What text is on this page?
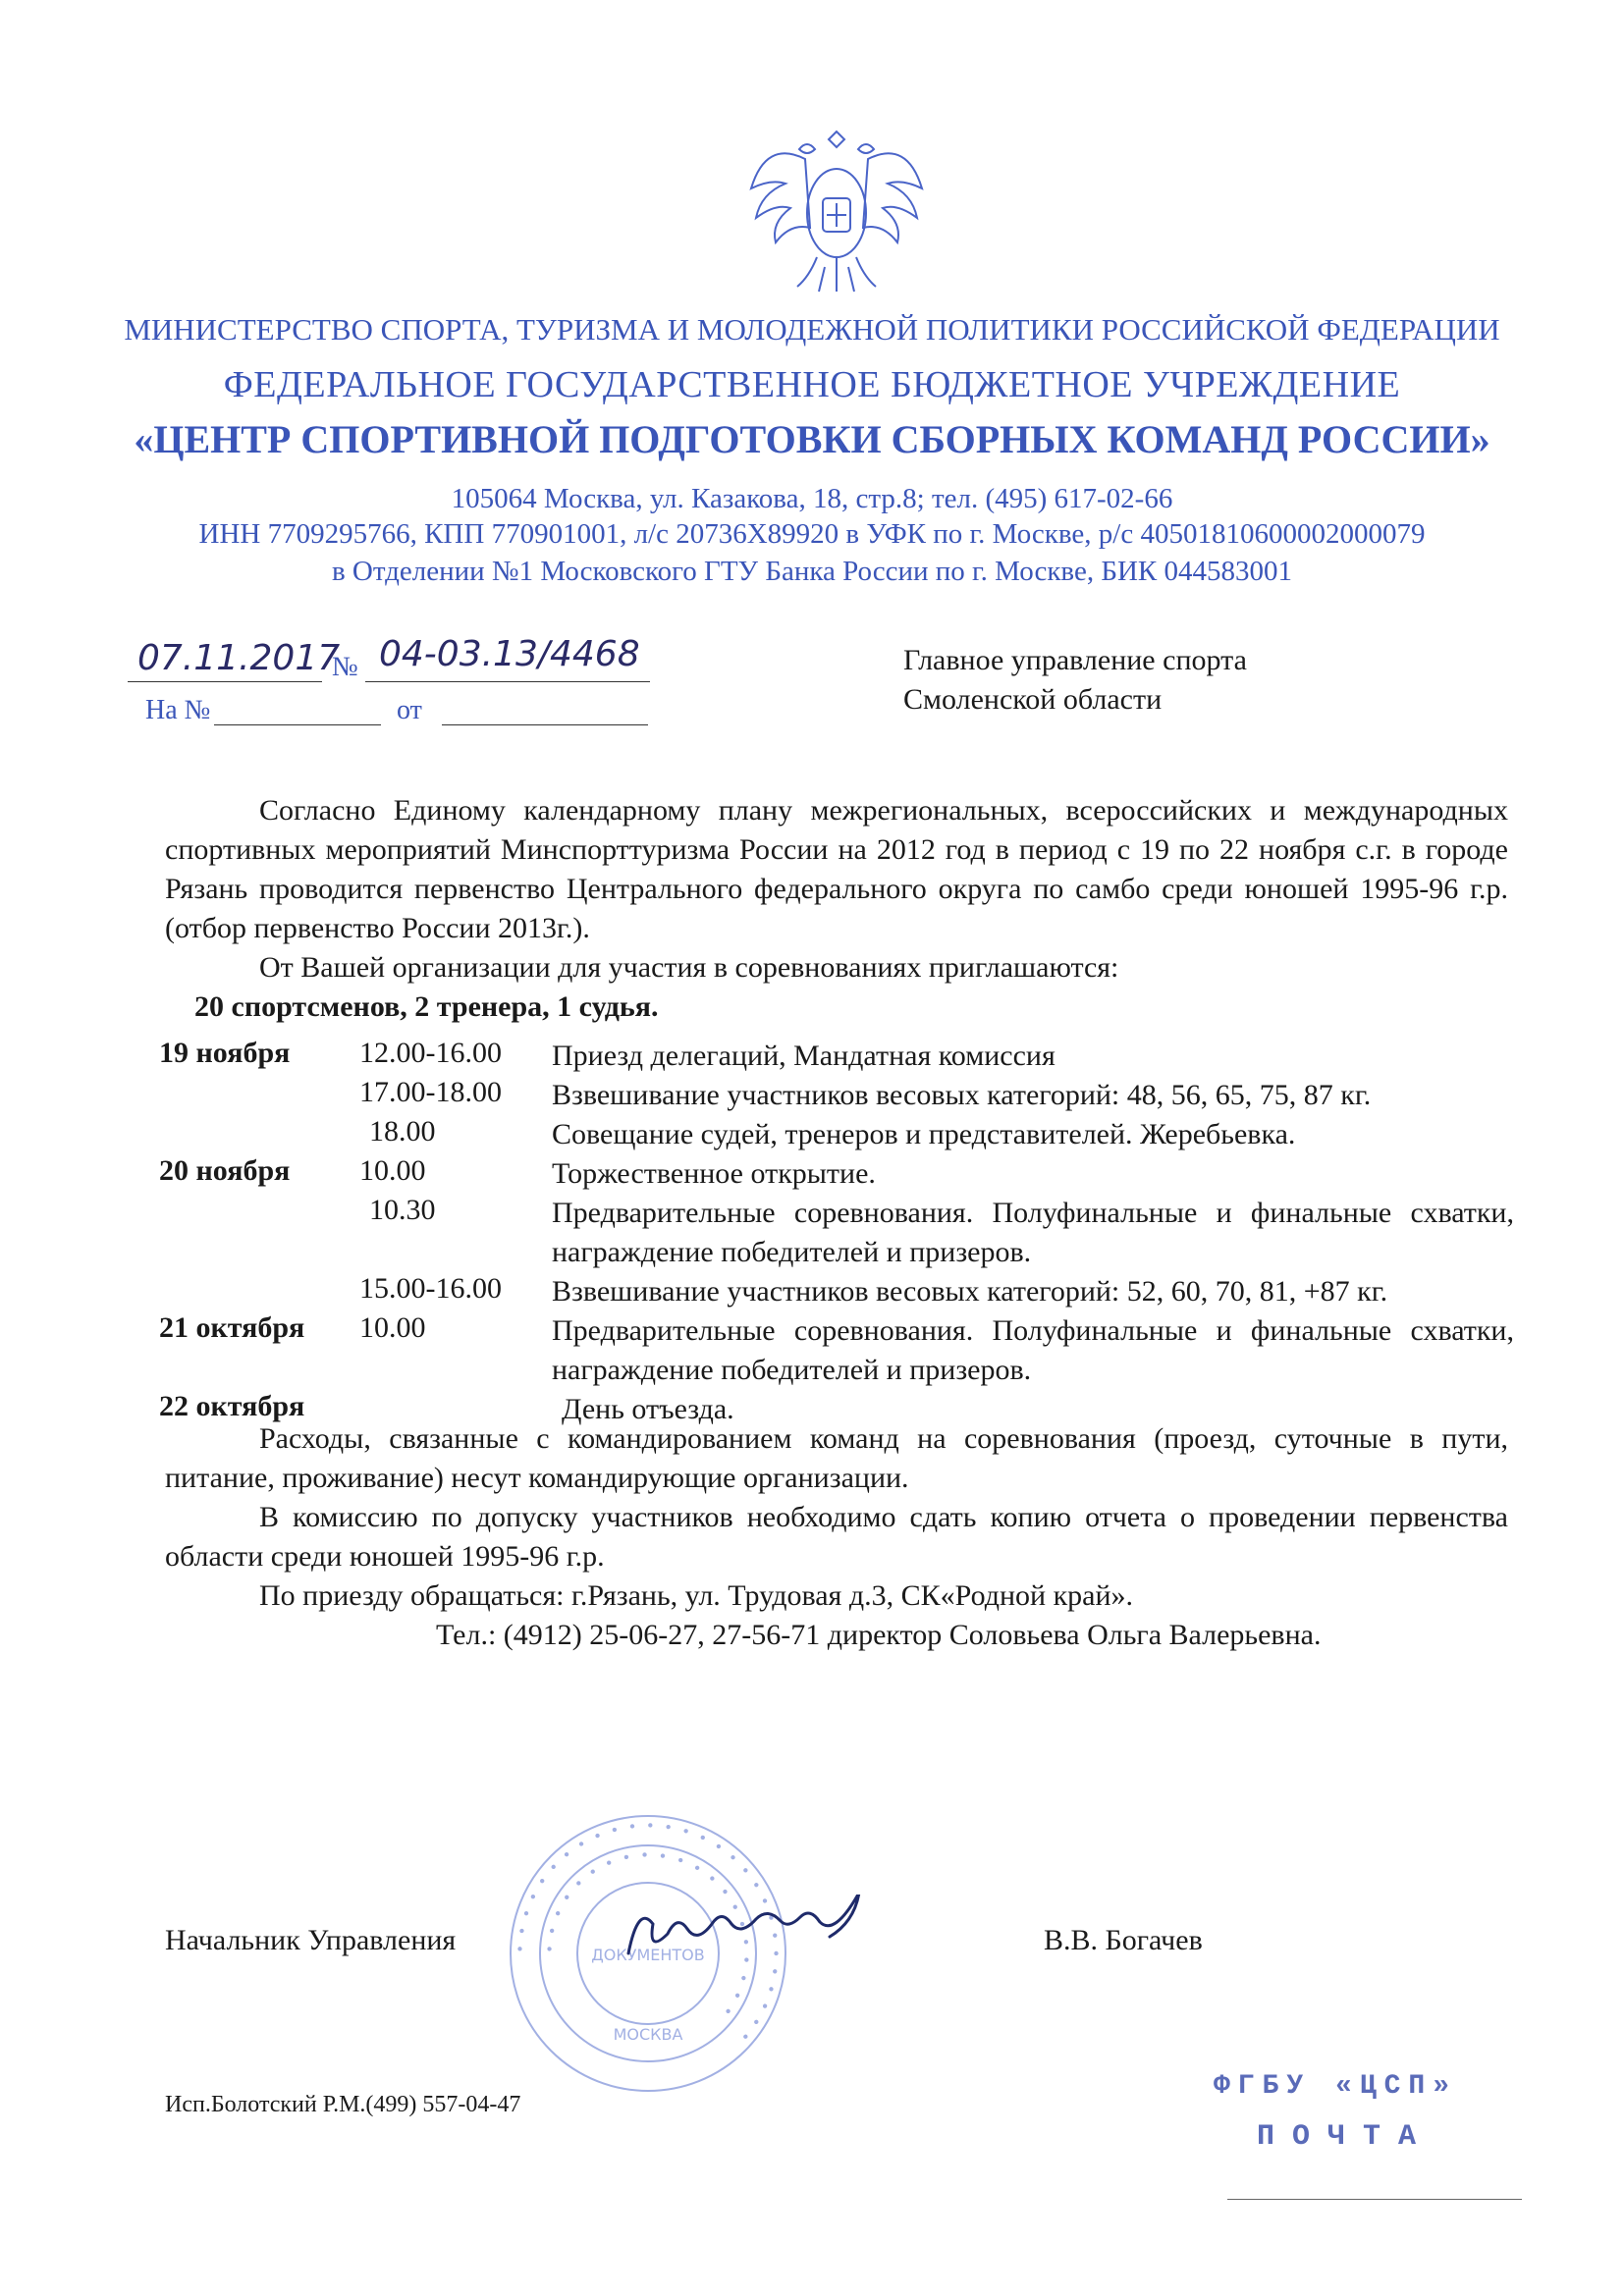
МИНИСТЕРСТВО СПОРТА, ТУРИЗМА И МОЛОДЕЖНОЙ ПОЛИТИКИ РОССИЙСКОЙ ФЕДЕРАЦИИ
ФЕДЕРАЛЬНОЕ ГОСУДАРСТВЕННОЕ БЮДЖЕТНОЕ УЧРЕЖДЕНИЕ
«ЦЕНТР СПОРТИВНОЙ ПОДГОТОВКИ СБОРНЫХ КОМАНД РОССИИ»
105064 Москва, ул. Казакова, 18, стр.8; тел. (495) 617-02-66
ИНН 7709295766, КПП 770901001, л/с 20736Х89920 в УФК по г. Москве, р/с 40501810600002000079
в Отделении №1 Московского ГТУ Банка России по г. Москве, БИК 044583001
07.11.2017
№ 04-03.13/4468
На №	от
Главное управление спорта
Смоленской области

Согласно Единому календарному плану межрегиональных, всероссийских и международных спортивных мероприятий Минспорттуризма России на 2012 год в период с 19 по 22 ноября с.г. в городе Рязань проводится первенство Центрального федерального округа по самбо среди юношей 1995-96 г.р. (отбор первенство России 2013г.).

От Вашей организации для участия в соревнованиях приглашаются:

20 спортсменов, 2 тренера, 1 судья.
19 ноября 12.00-16.00 Приезд делегаций, Мандатная комиссия
17.00-18.00 Взвешивание участников весовых категорий: 48, 56, 65, 75, 87 кг.
18.00	Совещание судей, тренеров и представителей. Жеребьевка.
20 ноября 10.00	Торжественное открытие.
10.30	Предварительные соревнования. Полуфинальные и финальные схватки, награждение победителей и призеров.
15.00-16.00 Взвешивание участников весовых категорий: 52, 60, 70, 81, +87 кг.
21 октября 10.00	Предварительные соревнования. Полуфинальные и финальные схватки, награждение победителей и призеров.
22 октября	День отъезда.

Расходы, связанные с командированием команд на соревнования (проезд, суточные в пути, питание, проживание) несут командирующие организации.

В комиссию по допуску участников необходимо сдать копию отчета о проведении первенства области среди юношей 1995-96 г.р.

По приезду обращаться: г.Рязань, ул. Трудовая д.3, СК«Родной край».

Тел.: (4912) 25-06-27, 27-56-71 директор Соловьева Ольга Валерьевна.
• • • • • • • • • • • • • • • • • • • • • • • • • • • •
• • • • • • • • • • • • • • • • • • • • •
ДОКУМЕНТОВ
МОСКВА
Начальник Управления	В.В. Богачев
Исп.Болотский Р.М.(499) 557-04-47
ФГБУ «ЦСП»
ПОЧТА
